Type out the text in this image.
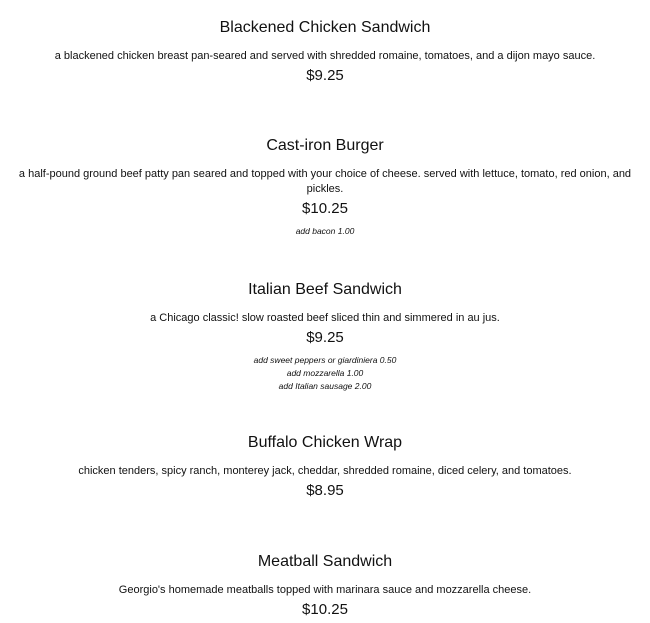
Blackened Chicken Sandwich
a blackened chicken breast pan-seared and served with shredded romaine, tomatoes, and a dijon mayo sauce.
$9.25
Cast-iron Burger
a half-pound ground beef patty pan seared and topped with your choice of cheese. served with lettuce, tomato, red onion, and pickles.
$10.25
add bacon 1.00
Italian Beef Sandwich
a Chicago classic! slow roasted beef sliced thin and simmered in au jus.
$9.25
add sweet peppers or giardiniera 0.50
add mozzarella 1.00
add Italian sausage 2.00
Buffalo Chicken Wrap
chicken tenders, spicy ranch, monterey jack, cheddar, shredded romaine, diced celery, and tomatoes.
$8.95
Meatball Sandwich
Georgio's homemade meatballs topped with marinara sauce and mozzarella cheese.
$10.25
